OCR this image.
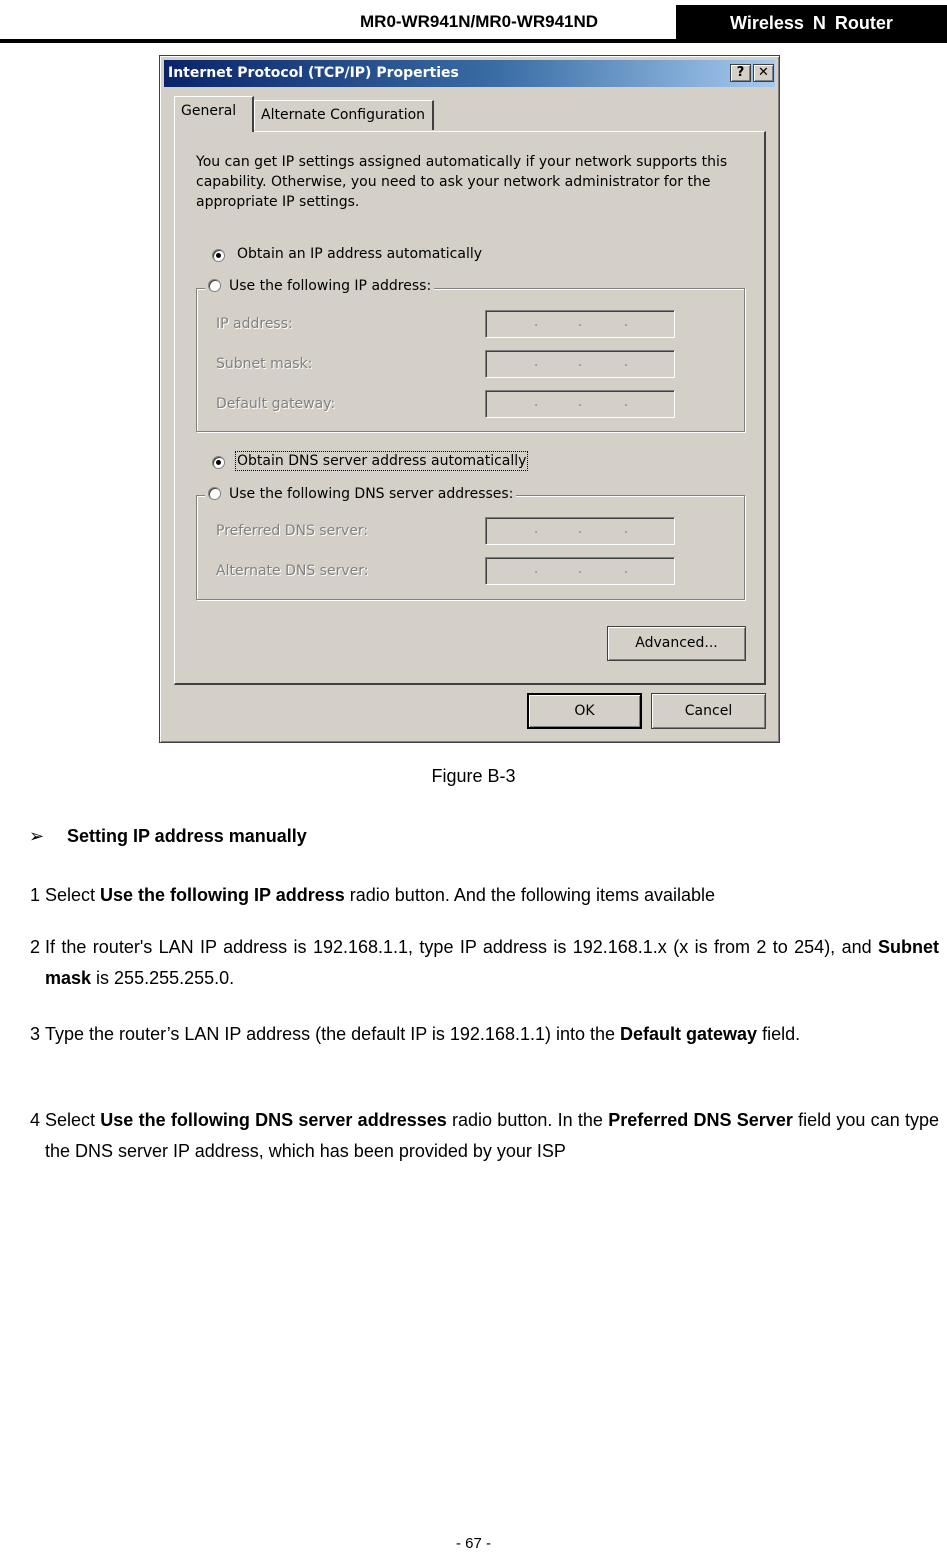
MR0-WR941N/MR0-WR941ND	Wireless N Router
Internet Protocol (TCP/IP) Properties	?	✕
General	Alternate Configuration
You can get IP settings assigned automatically if your network supports this capability. Otherwise, you need to ask your network administrator for the appropriate IP settings.
Obtain an IP address automatically
Use the following IP address:
IP address:	.	.	.
Subnet mask:	.	.	.
Default gateway:	.	.	.
Obtain DNS server address automatically
Use the following DNS server addresses:
Preferred DNS server:	.	.	.
Alternate DNS server:	.	.	.
Advanced...
OK	Cancel
Figure B-3
➢ Setting IP address manually
1 Select Use the following IP address radio button. And the following items available
2 If the router's LAN IP address is 192.168.1.1, type IP address is 192.168.1.x (x is from 2 to 254), and Subnet mask is 255.255.255.0.
3 Type the router’s LAN IP address (the default IP is 192.168.1.1) into the Default gateway field.
4 Select Use the following DNS server addresses radio button. In the Preferred DNS Server field you can type the DNS server IP address, which has been provided by your ISP
- 67 -
